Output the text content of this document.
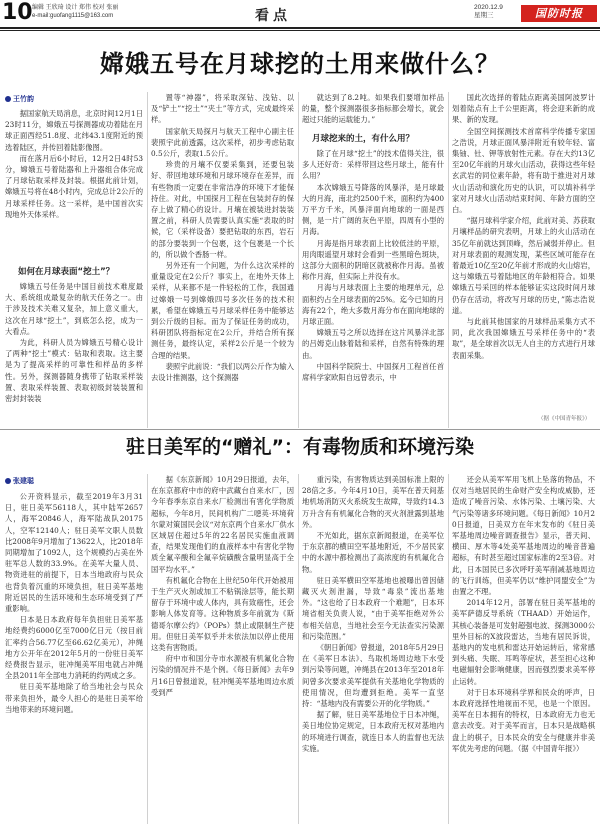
10 编辑 王欣琦 设计 郑伟 校对 张丽
e-mail:guofang1115@163.com	看点
2020.12.9
星期三	国防时报
嫦娥五号在月球挖的土用来做什么？
王竹韵

据国家航天局消息，北京时间12月1日23时11分，嫦娥五号探测器成功着陆在月球正面西经51.8度、北纬43.1度附近的预选着陆区，并传回着陆影像图。

而在落月后6小时后，12月2日4时53分，嫦娥五号着陆器和上升器组合体完成了月球钻取采样及封装。根据此前计划，嫦娥五号将在48小时内，完成总计2公斤的月球采样任务。这一采样，是中国首次实现地外天体采样。

如何在月球表面“挖土”？

嫦娥五号任务是中国目前技术难度最大、系统组成最复杂的航天任务之一。由于涉及技术关难又复杂，加上意义重大，这次在月球“挖土”，到底怎么挖，成为一大看点。

为此，科研人员为嫦娥五号精心设计了两种“挖土”模式：钻取和表取。这主要是为了提高采样的可靠性和样品的多样性。另外，探测器随身携带了钻取采样装置、表取采样装置、表取初级封装装置和密封封装装

置等“神器”，将采取深钻、浅钻、以及“铲土”“挖土”“夹土”等方式，完成最终采样。

国家航天局探月与航天工程中心副主任裴照宇此前透露，这次采样，初步考虑钻取0.5公斤，表取1.5公斤。

珍贵的月壤不仅要采集到，还要包装好、带回地球环境和月球环境存在差异，而有些物质一定要在非常洁净的环境下才能保持住。对此，中国探月工程在包装封存的保存上做了精心的设计。月壤在被装进封装装置之前，科研人员需要认真实施“表取的时候，它（采样设备）要把钻取的东西，岩石的部分要装到一个包裹，这个包裹是一个长的，所以做个香肠一样。

另外还有一个问题，为什么这次采样的重量设定在2公斤？事实上，在地外天体上采样，从来都不是一件轻松的工作，我国通过嫦娥一号到嫦娥四号多次任务的技术积累，希望在嫦娥五号月球采样任务中能够达到公斤级的目标。而为了保证任务的成功，科研团队将指标定在2公斤，并结合所有探测任务，最终认定，采样2公斤是一个较为合理的结果。

裴照宇此前说：“我们以两公斤作为输入去设计推测器，这个探测器

就达到了8.2吨。如果我们要增加样品的量，整个探测器很多指标都会增长，就会超过只能的运载能力。”

月球挖来的土，有什么用？

除了在月球“挖土”的技术值得关注，很多人还好奇：采样带回这些月球土，能有什么用？

本次嫦娥五号降落的风暴洋，是月球最大的月海，南北约2500千米，面积约为400万平方千米，风暴洋面向地球的一面是西侧，是一片广阔的灰色平原，四周有小型的月海。

月海是指月球表面上比较低洼的平原，用肉眼遥望月球时会看到一些黑暗色斑块，这部分大面积的阴暗区就被称作月海。虽被称作月海，但实际上并没有水。

月海与月球表面上主要的地理单元，总面积约占全月球表面的25%。迄今已知的月海有22个，绝大多数月海分布在面向地球的月球正面。

嫦娥五号之所以选择在这片风暴洋北部的吕姆克山脉着陆和采样，自然有特殊的理由。

中国科学院院士、中国探月工程首任首席科学家欧阳自远曾表示，中

国此次选择的着陆点距离美国阿波罗计划着陆点有上千公里距离，将会迎来新的成果、新的发现。

全国空间探测技术首席科学传播专家国之浩说，月球正面风暴洋附近有较年轻、富集铀、钍、钾等放射性元素。存在大约13亿至20亿年前的月球火山活动，获得这些年轻玄武岩的同位素年龄，将有助于推进对月球火山活动和演化历史的认识，可以填补科学家对月球火山活动结束时间、年龄方面的空白。

“据月球科学家介绍，此前对美、苏获取月壤样品的研究表明，月球上的火山活动在35亿年前就达到顶峰，然后减弱并停止。但对月球表面的观测发现，某些区域可能存在着最近10亿至20亿年前才形成的火山熔岩，这与嫦娥五号着陆地区的年龄相符合。如果嫦娥五号采回的样本能够证实这段时间月球仍存在活动，将改写月球的历史，”陈志浩说道。

与此前其他国家的月球样品采集方式不同，此次我国嫦娥五号采样任务中的“表取”，是全球首次以无人自主的方式进行月球表面采集。

（据《中国青年报》）
驻日美军的“赠礼”：有毒物质和环境污染
张建聪

公开资料显示，截至2019年3月31日，驻日美军56118人，其中陆军2657人，海军20846人，海军陆战队20175人，空军12140人；驻日美军文职人员数比2008年9月增加了13622人，比2018年同期增加了1092人，这个规模约占美在外驻军总人数的33.9%。在美军大量人员、物资进驻的前提下，日本当地政府与民众也背负着沉重的环境负担，驻日美军基地附近居民的生活环境和生态环境受到了严重影响。

日本是日本政府每年负担驻日美军基地经费约6000亿至7000亿日元（按目前汇率约合56.77亿至66.62亿美元），冲绳地方公开年在2012年5月的一份驻日美军经费报告显示，驻冲绳美军用电就占冲绳全县2011年全部电力消耗的约两成之多。

驻日美军基地除了给当地社会与民众带来负担外，最令人担心的是驻日美军给当地带来的环境问题。

据《东京新闻》10月29日报道，去年，在东京都府中市的府中武藏台自来水厂，因今年春季东京自来水厂检测出有害化学物质超标，今年8月，民间机构广二噁英·环境荷尔蒙对策国民会议“对东京两个自来水厂供水区域居住超过5年的22名居民实施血液调查，结果发现他们的血液样本中有害化学物质全氟辛酸和全氟辛烷磺酸含量明显高于全国平均水平。”

有机氟化合物在上世纪50年代开始被用于生产灭火剂或加工不粘锅涂层等，能长期留存于环境中或人体内，具有致癌性，还会影响人体发育等。这种物质多年前就为《斯德哥尔摩公约》（POPs）禁止或限制生产使用。但驻日美军似乎并未依法加以停止使用这类有害物质。

府中市和国分寺市水源被有机氟化合物污染的情况并不是个例。《每日新闻》去年9月16日曾报道说，驻冲绳美军基地周边水质受到严

重污染，有害物质达到美国标准上限的28倍之多。今年4月10日，美军在普天间基地机场消防灭火系统发生故障，导致约14.3万升含有有机氟化合物的灭火剂泄露到基地外。

不光如此，据东京新闻报道，在美军位于东京都的横田空军基地附近，不少居民家中的水源中都检测出了高浓度的有机氟化合物。

驻日美军横田空军基地也被曝出曾因储藏灭火剂泄漏，导致“毒泉”流出基地外。“这也给了日本政府一个难题”，日本环境省相关负责人说，“由于美军拒绝对外公布相关信息，当地社会至今无法查实污染源和污染范围。”

《朝日新闻》曾报道，2018年5月29日在《美军日本法》、鸟取机场周边地下水受到污染等问题，冲绳县在2013年至2018年间曾多次要求美军提供有关基地化学物质的使用情况，但均遭到拒绝。美军一直坚持：“基地内没有需要公开的化学物质。”

据了解，驻日美军基地位于日本冲绳，美日地位协定规定，日本政府无权对基地内的环境进行调查，就连日本人的监督也无法实施。

还会从美军军用飞机上坠落的物品，不仅对当地居民的生命财产安全构成威胁，还造成了噪音污染、水体污染、土壤污染、大气污染等诸多环境问题。《每日新闻》10月20日报道，日美双方在年末发布的《驻日美军基地周边噪音调查报告》显示，普天间、横田、厚木等4处美军基地周边的噪音普遍超标，有时甚至超过国家标准的2至3倍。对此，日本国民已多次呼吁美军削减基地周边的飞行训练，但美军仍以“维护同盟安全”为由置之不理。

2014年12月，部署在驻日美军基地的美军萨德反导系统（THAAD）开始运作，其核心装备是可发射超强电波、探测3000公里外目标的X波段雷达，当地有居民诉说，基地内的发电机和雷达开始运转后，常常感到头痛、失眠、耳鸣等症状，甚至担心这种电磁辐射会影响健康，因而强烈要求美军停止运转。

对于日本环境科学界和民众的呼声，日本政府选择性地视而不见，也是一个原因。美军在日本拥有的特权，日本政府无力也无意去改变。对于美军而言，日本只是战略棋盘上的棋子，日本民众的安全与健康并非美军优先考虑的问题。（据《中国青年报》）
